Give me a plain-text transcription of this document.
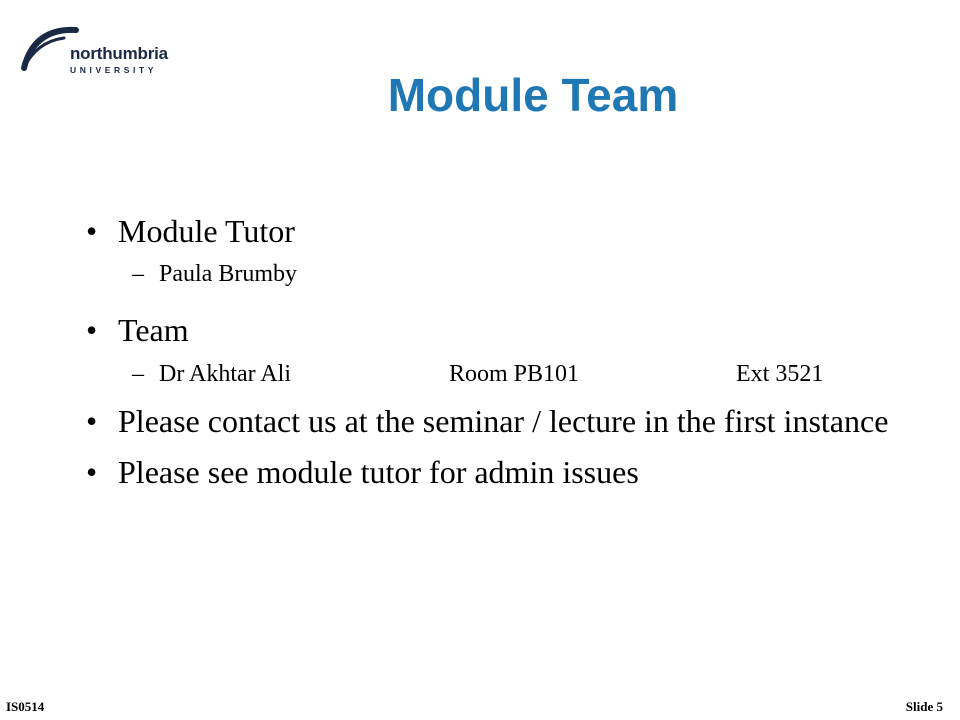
northumbria
UNIVERSITY	Module Team
• Module Tutor
– Paula Brumby
• Team
– Dr Akhtar Ali	Room PB101	Ext 3521
• Please contact us at the seminar / lecture in the first instance
• Please see module tutor for admin issues
IS0514	Slide 5
